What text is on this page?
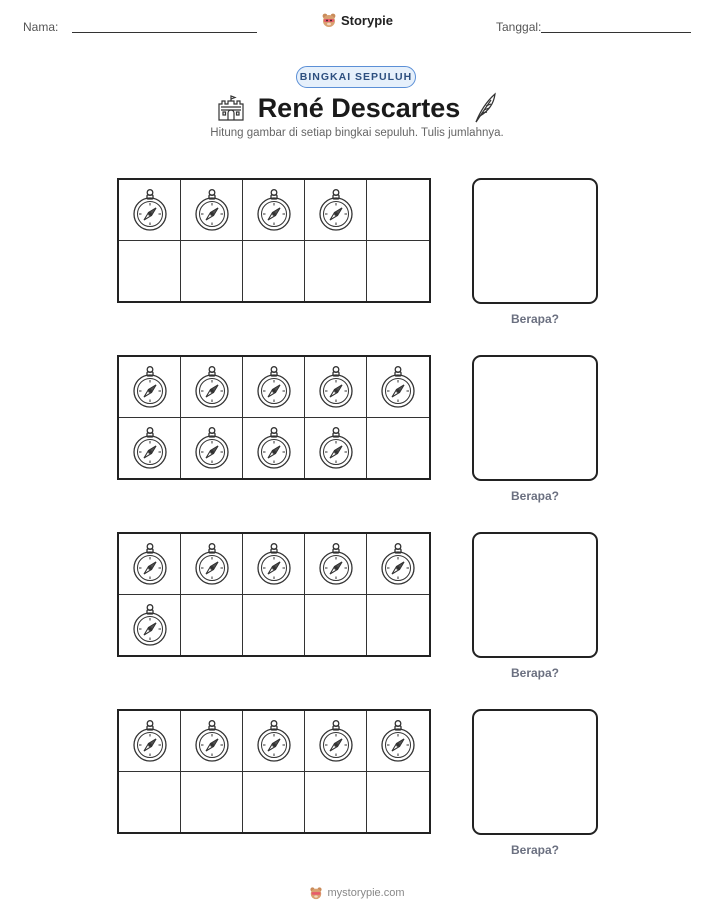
Nama:	Storypie	Tanggal:
BINGKAI SEPULUH
René Descartes
Hitung gambar di setiap bingkai sepuluh. Tulis jumlahnya.
Berapa?
Berapa?
Berapa?
Berapa?
mystorypie.com
